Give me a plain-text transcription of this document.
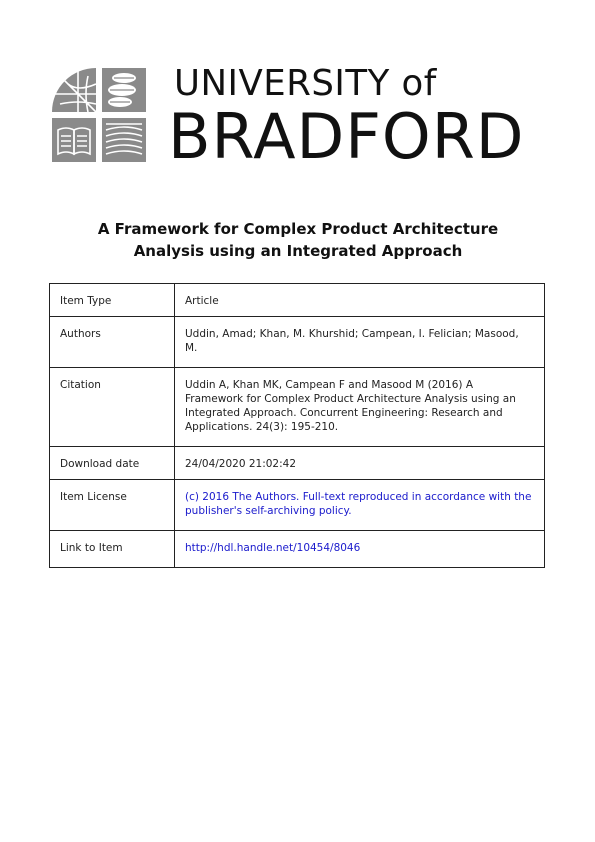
UNIVERSITY of
BRADFORD
A Framework for Complex Product Architecture
Analysis using an Integrated Approach
Item Type	Article
Authors	Uddin, Amad; Khan, M. Khurshid; Campean, I. Felician; Masood, M.
Citation	Uddin A, Khan MK, Campean F and Masood M (2016) A Framework for Complex Product Architecture Analysis using an Integrated Approach. Concurrent Engineering: Research and Applications. 24(3): 195-210.
Download date	24/04/2020 21:02:42
Item License	(c) 2016 The Authors. Full-text reproduced in accordance with the publisher's self-archiving policy.
Link to Item	http://hdl.handle.net/10454/8046
